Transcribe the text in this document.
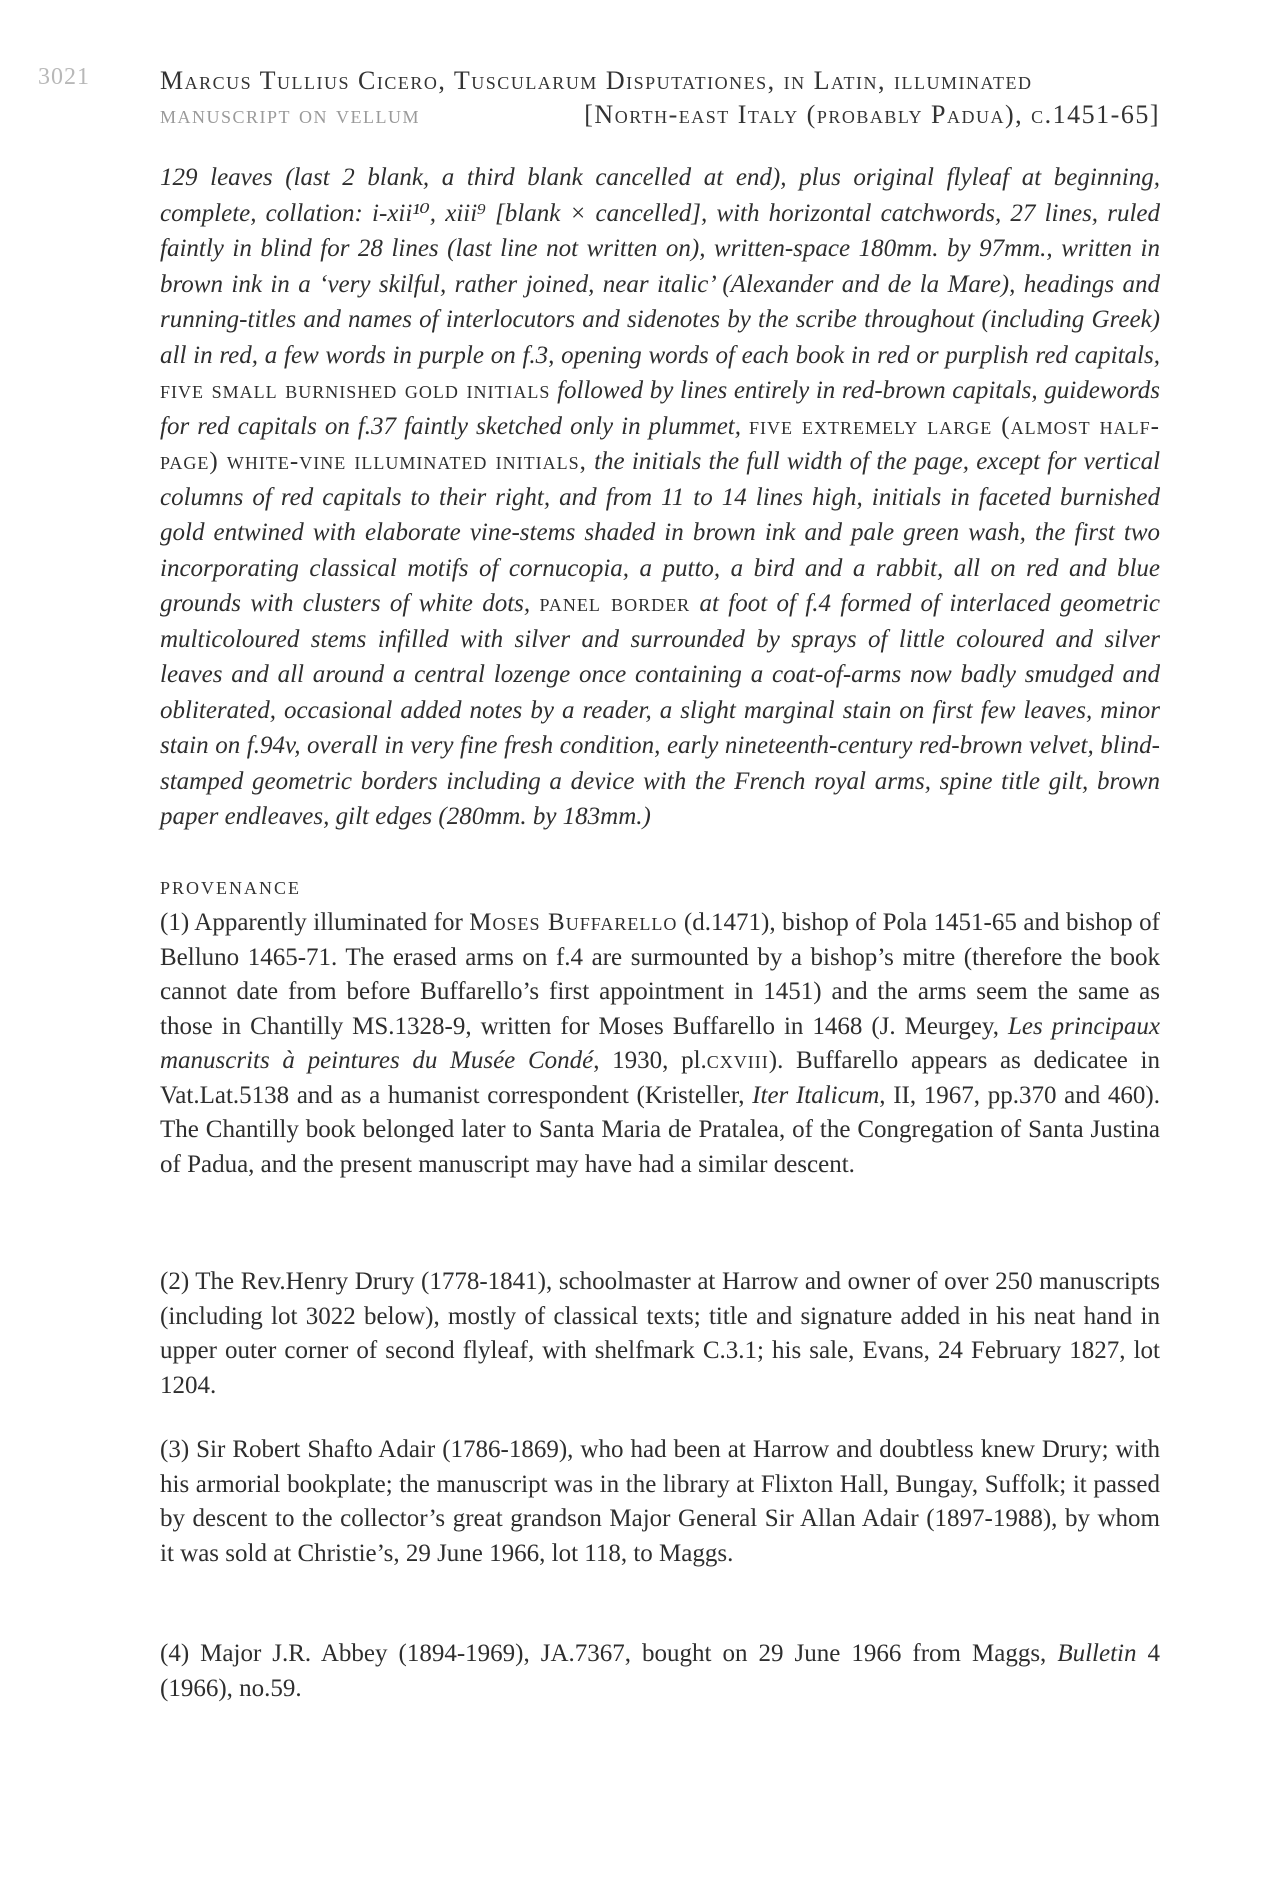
3021	Marcus Tullius Cicero, Tuscularum Disputationes, in Latin, illuminated
manuscript on vellum	[North-east Italy (probably Padua), c.1451-65]
129 leaves (last 2 blank, a third blank cancelled at end), plus original flyleaf at beginning, complete, collation: i-xii¹⁰, xiii⁹ [blank × cancelled], with horizontal catchwords, 27 lines, ruled faintly in blind for 28 lines (last line not written on), written-space 180mm. by 97mm., written in brown ink in a ‘very skilful, rather joined, near italic’ (Alexander and de la Mare), headings and running-titles and names of interlocutors and sidenotes by the scribe throughout (including Greek) all in red, a few words in purple on f.3, opening words of each book in red or purplish red capitals, five small burnished gold initials followed by lines entirely in red-brown capitals, guidewords for red capitals on f.37 faintly sketched only in plummet, five extremely large (almost half-page) white-vine illuminated initials, the initials the full width of the page, except for vertical columns of red capitals to their right, and from 11 to 14 lines high, initials in faceted burnished gold entwined with elaborate vine-stems shaded in brown ink and pale green wash, the first two incorporating classical motifs of cornucopia, a putto, a bird and a rabbit, all on red and blue grounds with clusters of white dots, panel border at foot of f.4 formed of interlaced geometric multicoloured stems infilled with silver and surrounded by sprays of little coloured and silver leaves and all around a central lozenge once containing a coat-of-arms now badly smudged and obliterated, occasional added notes by a reader, a slight marginal stain on first few leaves, minor stain on f.94v, overall in very fine fresh condition, early nineteenth-century red-brown velvet, blind-stamped geometric borders including a device with the French royal arms, spine title gilt, brown paper endleaves, gilt edges (280mm. by 183mm.)
PROVENANCE
(1) Apparently illuminated for Moses Buffarello (d.1471), bishop of Pola 1451-65 and bishop of Belluno 1465-71. The erased arms on f.4 are surmounted by a bishop’s mitre (therefore the book cannot date from before Buffarello’s first appointment in 1451) and the arms seem the same as those in Chantilly MS.1328-9, written for Moses Buffarello in 1468 (J. Meurgey, Les principaux manuscrits à peintures du Musée Condé, 1930, pl.cxviii). Buffarello appears as dedicatee in Vat.Lat.5138 and as a humanist correspondent (Kristeller, Iter Italicum, II, 1967, pp.370 and 460). The Chantilly book belonged later to Santa Maria de Pratalea, of the Congregation of Santa Justina of Padua, and the present manuscript may have had a similar descent.
(2) The Rev.Henry Drury (1778-1841), schoolmaster at Harrow and owner of over 250 manuscripts (including lot 3022 below), mostly of classical texts; title and signature added in his neat hand in upper outer corner of second flyleaf, with shelfmark C.3.1; his sale, Evans, 24 February 1827, lot 1204.
(3) Sir Robert Shafto Adair (1786-1869), who had been at Harrow and doubtless knew Drury; with his armorial bookplate; the manuscript was in the library at Flixton Hall, Bungay, Suffolk; it passed by descent to the collector’s great grandson Major General Sir Allan Adair (1897-1988), by whom it was sold at Christie’s, 29 June 1966, lot 118, to Maggs.
(4) Major J.R. Abbey (1894-1969), JA.7367, bought on 29 June 1966 from Maggs, Bulletin 4 (1966), no.59.
